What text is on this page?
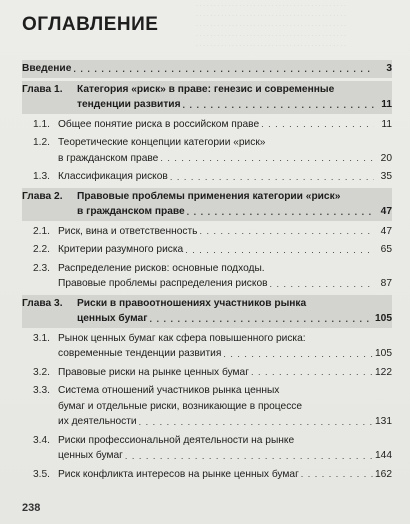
. . . . . . . . . . . . . . . . . . . . . . . . . . . . . . . . . . . . . . . . . .
. . . . . . . . . . . . . . . . . . . . . . . . . . . . . . . . . . . . . . . . . .
. . . . . . . . . . . . . . . . . . . . . . . . . . . . . . . . . . . . . . . . . .
. . . . . . . . . . . . . . . . . . . . . . . . . . . . . . . . . . . . . . . . . .
. . . . . . . . . . . . . . . . . . . . . . . . . . . . . . . . . . . . . . . . . .
ОГЛАВЛЕНИЕ
Введение . . .	3
Глава 1.	Категория «риск» в праве: генезис и современные
тенденции развития . . .	11
1.1. Общее понятие риска в российском праве . . .	11
1.2. Теоретические концепции категории «риск»
в гражданском праве . . .	20
1.3. Классификация рисков . . .	35
Глава 2.	Правовые проблемы применения категории «риск»
в гражданском праве . . .	47
2.1. Риск, вина и ответственность . . .	47
2.2. Критерии разумного риска . . .	65
2.3. Распределение рисков: основные подходы.
Правовые проблемы распределения рисков . . .	87
Глава 3.	Риски в правоотношениях участников рынка
ценных бумаг . . .	105
3.1. Рынок ценных бумаг как сфера повышенного риска:
современные тенденции развития . . .	105
3.2. Правовые риски на рынке ценных бумаг . . .	122
3.3. Система отношений участников рынка ценных
бумаг и отдельные риски, возникающие в процессе
их деятельности . . .	131
3.4. Риски профессиональной деятельности на рынке
ценных бумаг . . .	144
3.5. Риск конфликта интересов на рынке ценных бумаг . . .	162
238
